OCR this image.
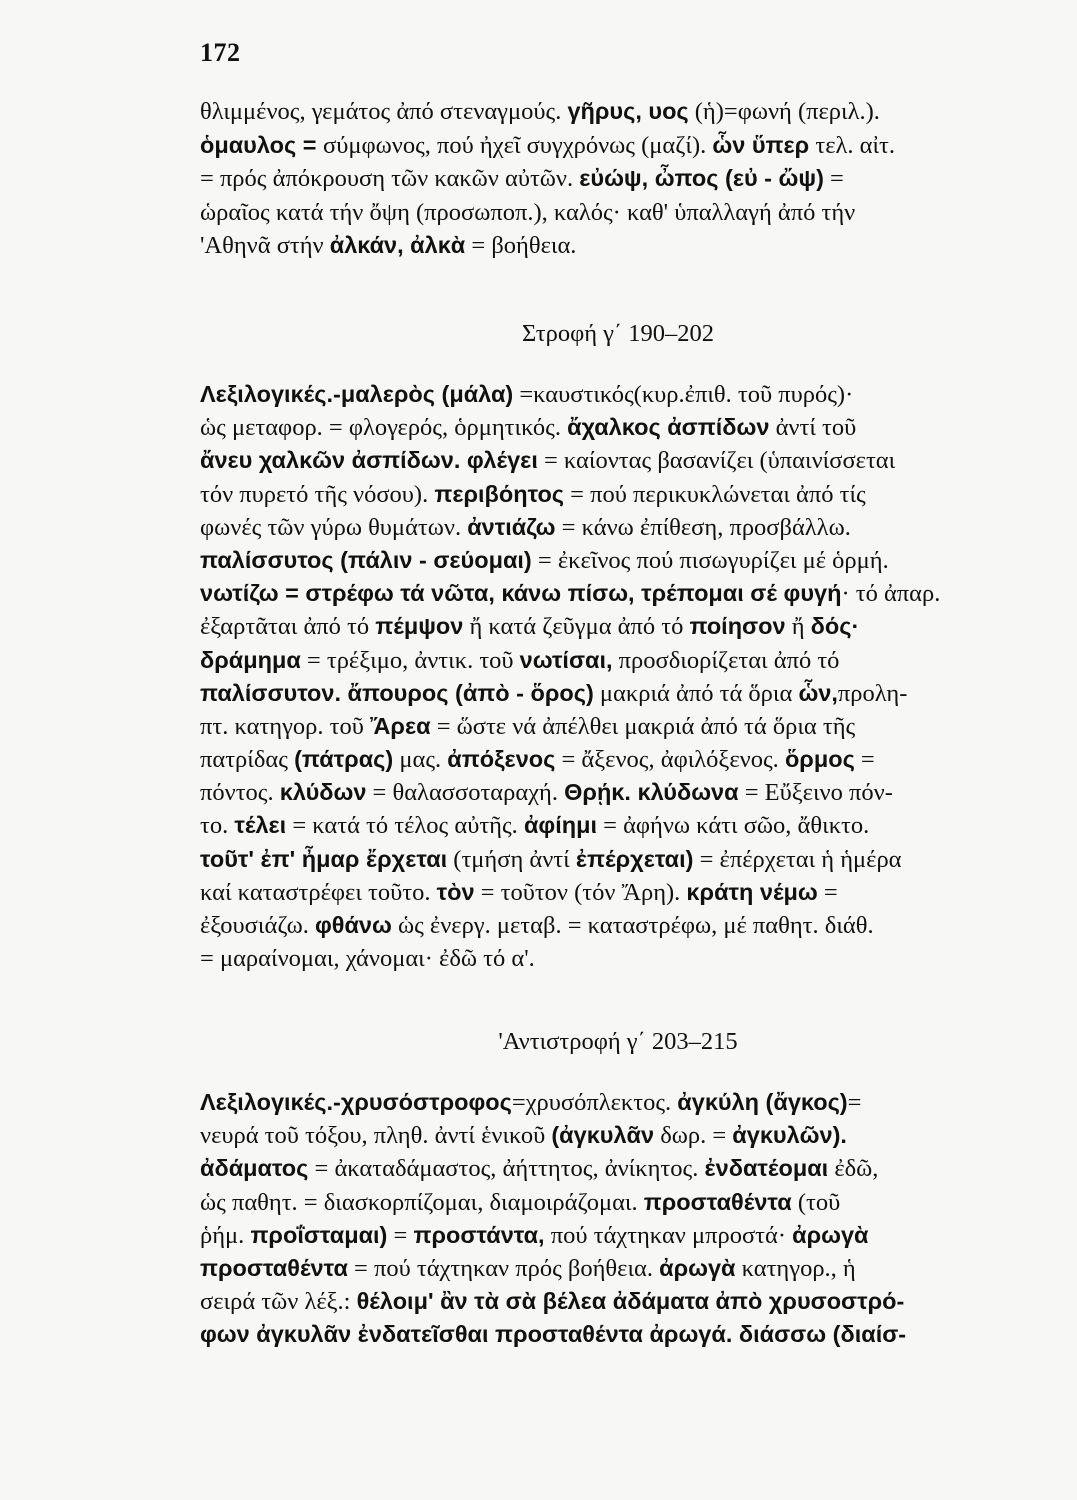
172
θλιμμένος, γεμάτος ἀπό στεναγμούς. γῆρυς, υος (ἡ)=φωνή (περιλ.).
ὁμαυλος = σύμφωνος, πού ἠχεῖ συγχρόνως (μαζί). ὧν ὕπερ τελ. αἰτ.
= πρός ἀπόκρουση τῶν κακῶν αὐτῶν. εὐώψ, ὦπος (εὐ - ὤψ) =
ὡραῖος κατά τήν ὄψη (προσωποπ.), καλός· καθ' ὑπαλλαγή ἀπό τήν
'Αθηνᾶ στήν ἀλκάν, ἀλκὰ = βοήθεια.
Στροφή γ΄ 190–202
Λεξιλογικές.-μαλερὸς (μάλα) =καυστικός(κυρ.ἐπιθ. τοῦ πυρός)·
ὡς μεταφορ. = φλογερός, ὁρμητικός. ἄχαλκος ἀσπίδων ἀντί τοῦ
ἄνευ χαλκῶν ἀσπίδων. φλέγει = καίοντας βασανίζει (ὑπαινίσσεται
τόν πυρετό τῆς νόσου). περιβόητος = πού περικυκλώνεται ἀπό τίς
φωνές τῶν γύρω θυμάτων. ἀντιάζω = κάνω ἐπίθεση, προσβάλλω.
παλίσσυτος (πάλιν - σεύομαι) = ἐκεῖνος πού πισωγυρίζει μέ ὁρμή.
νωτίζω = στρέφω τά νῶτα, κάνω πίσω, τρέπομαι σέ φυγή· τό ἀπαρ.
ἐξαρτᾶται ἀπό τό πέμψον ἤ κατά ζεῦγμα ἀπό τό ποίησον ἤ δός·
δράμημα = τρέξιμο, ἀντικ. τοῦ νωτίσαι, προσδιορίζεται ἀπό τό
παλίσσυτον. ἄπουρος (ἀπὸ - ὅρος) μακριά ἀπό τά ὅρια ὧν,προλη-
πτ. κατηγορ. τοῦ Ἄρεα = ὥστε νά ἀπέλθει μακριά ἀπό τά ὅρια τῆς
πατρίδας (πάτρας) μας. ἀπόξενος = ἄξενος, ἀφιλόξενος. ὅρμος =
πόντος. κλύδων = θαλασσοταραχή. Θρῄκ. κλύδωνα = Εὔξεινο πόν-
το. τέλει = κατά τό τέλος αὐτῆς. ἀφίημι = ἀφήνω κάτι σῶο, ἄθικτο.
τοῦτ' ἐπ' ἦμαρ ἔρχεται (τμήση ἀντί ἐπέρχεται) = ἐπέρχεται ἡ ἡμέρα
καί καταστρέφει τοῦτο. τὸν = τοῦτον (τόν Ἄρη). κράτη νέμω =
ἐξουσιάζω. φθάνω ὡς ἐνεργ. μεταβ. = καταστρέφω, μέ παθητ. διάθ.
= μαραίνομαι, χάνομαι· ἐδῶ τό α'.
'Αντιστροφή γ΄ 203–215
Λεξιλογικές.-χρυσόστροφος=χρυσόπλεκτος. ἀγκύλη (ἄγκος)=
νευρά τοῦ τόξου, πληθ. ἀντί ἑνικοῦ (ἀγκυλᾶν δωρ. = ἀγκυλῶν).
ἀδάματος = ἀκαταδάμαστος, ἀήττητος, ἀνίκητος. ἐνδατέομαι ἐδῶ,
ὡς παθητ. = διασκορπίζομαι, διαμοιράζομαι. προσταθέντα (τοῦ
ῥήμ. προΐσταμαι) = προστάντα, πού τάχτηκαν μπροστά· ἀρωγὰ
προσταθέντα = πού τάχτηκαν πρός βοήθεια. ἀρωγὰ κατηγορ., ἡ
σειρά τῶν λέξ.: θέλοιμ' ἂν τὰ σὰ βέλεα ἀδάματα ἀπὸ χρυσοστρό-
φων ἀγκυλᾶν ἐνδατεῖσθαι προσταθέντα ἀρωγά. διάσσω (διαίσ-
